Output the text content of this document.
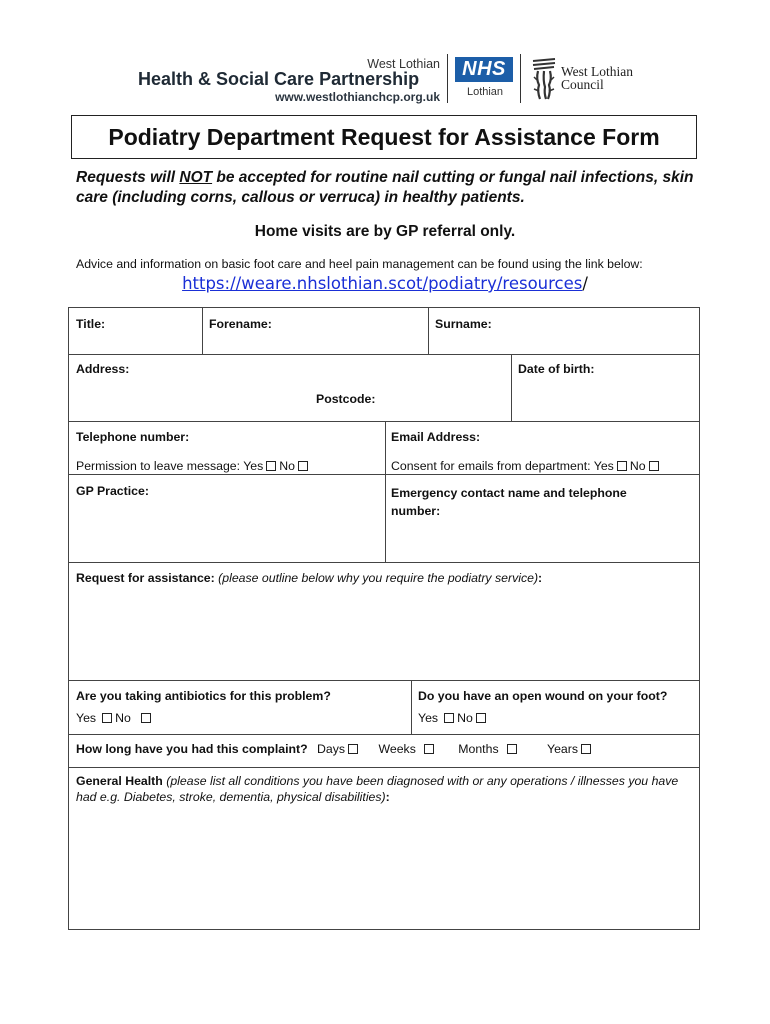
West Lothian
Health & Social Care Partnership
www.westlothianchcp.org.uk
NHS
Lothian
West Lothian
Council
Podiatry Department Request for Assistance Form
Requests will NOT be accepted for routine nail cutting or fungal nail infections, skin care (including corns, callous or verruca) in healthy patients.
Home visits are by GP referral only.
Advice and information on basic foot care and heel pain management can be found using the link below:
https://weare.nhslothian.scot/podiatry/resources/
Title:	Forename:	Surname:
Address:	Date of birth:
Postcode:
Telephone number:	Email Address:
Permission to leave message: Yes No	Consent for emails from department: Yes No
GP Practice:	Emergency contact name and telephone
number:
Request for assistance: (please outline below why you require the podiatry service):
Are you taking antibiotics for this problem?
Yes No
Do you have an open wound on your foot?
Yes No
How long have you had this complaint? Days	Weeks	Months	Years
General Health (please list all conditions you have been diagnosed with or any operations / illnesses you have had e.g. Diabetes, stroke, dementia, physical disabilities):
